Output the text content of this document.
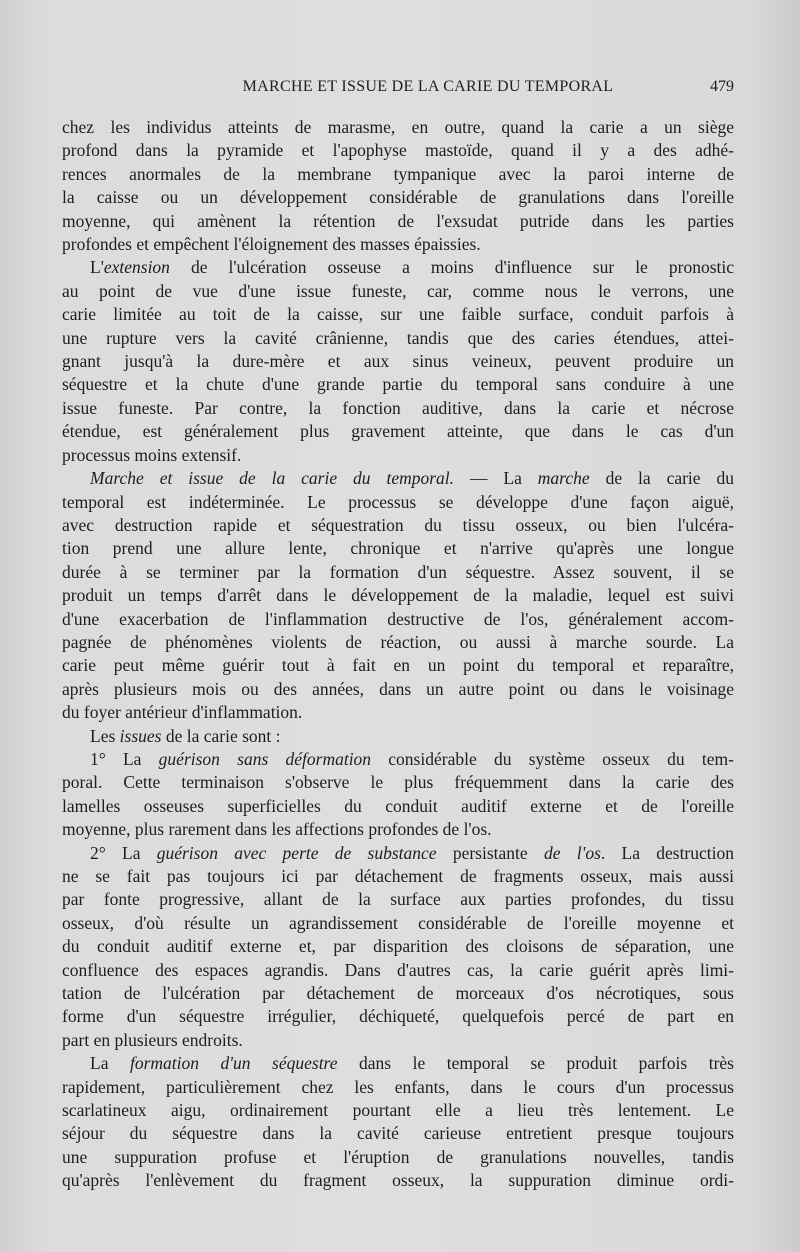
MARCHE ET ISSUE DE LA CARIE DU TEMPORAL	479
chez les individus atteints de marasme, en outre, quand la carie a un siège
profond dans la pyramide et l'apophyse mastoïde, quand il y a des adhé-
rences anormales de la membrane tympanique avec la paroi interne de
la caisse ou un développement considérable de granulations dans l'oreille
moyenne, qui amènent la rétention de l'exsudat putride dans les parties
profondes et empêchent l'éloignement des masses épaissies.
L'extension de l'ulcération osseuse a moins d'influence sur le pronostic
au point de vue d'une issue funeste, car, comme nous le verrons, une
carie limitée au toit de la caisse, sur une faible surface, conduit parfois à
une rupture vers la cavité crânienne, tandis que des caries étendues, attei-
gnant jusqu'à la dure-mère et aux sinus veineux, peuvent produire un
séquestre et la chute d'une grande partie du temporal sans conduire à une
issue funeste. Par contre, la fonction auditive, dans la carie et nécrose
étendue, est généralement plus gravement atteinte, que dans le cas d'un
processus moins extensif.
Marche et issue de la carie du temporal. — La marche de la carie du
temporal est indéterminée. Le processus se développe d'une façon aiguë,
avec destruction rapide et séquestration du tissu osseux, ou bien l'ulcéra-
tion prend une allure lente, chronique et n'arrive qu'après une longue
durée à se terminer par la formation d'un séquestre. Assez souvent, il se
produit un temps d'arrêt dans le développement de la maladie, lequel est suivi
d'une exacerbation de l'inflammation destructive de l'os, généralement accom-
pagnée de phénomènes violents de réaction, ou aussi à marche sourde. La
carie peut même guérir tout à fait en un point du temporal et reparaître,
après plusieurs mois ou des années, dans un autre point ou dans le voisinage
du foyer antérieur d'inflammation.
Les issues de la carie sont :
1° La guérison sans déformation considérable du système osseux du tem-
poral. Cette terminaison s'observe le plus fréquemment dans la carie des
lamelles osseuses superficielles du conduit auditif externe et de l'oreille
moyenne, plus rarement dans les affections profondes de l'os.
2° La guérison avec perte de substance persistante de l'os. La destruction
ne se fait pas toujours ici par détachement de fragments osseux, mais aussi
par fonte progressive, allant de la surface aux parties profondes, du tissu
osseux, d'où résulte un agrandissement considérable de l'oreille moyenne et
du conduit auditif externe et, par disparition des cloisons de séparation, une
confluence des espaces agrandis. Dans d'autres cas, la carie guérit après limi-
tation de l'ulcération par détachement de morceaux d'os nécrotiques, sous
forme d'un séquestre irrégulier, déchiqueté, quelquefois percé de part en
part en plusieurs endroits.
La formation d'un séquestre dans le temporal se produit parfois très
rapidement, particulièrement chez les enfants, dans le cours d'un processus
scarlatineux aigu, ordinairement pourtant elle a lieu très lentement. Le
séjour du séquestre dans la cavité carieuse entretient presque toujours
une suppuration profuse et l'éruption de granulations nouvelles, tandis
qu'après l'enlèvement du fragment osseux, la suppuration diminue ordi-
